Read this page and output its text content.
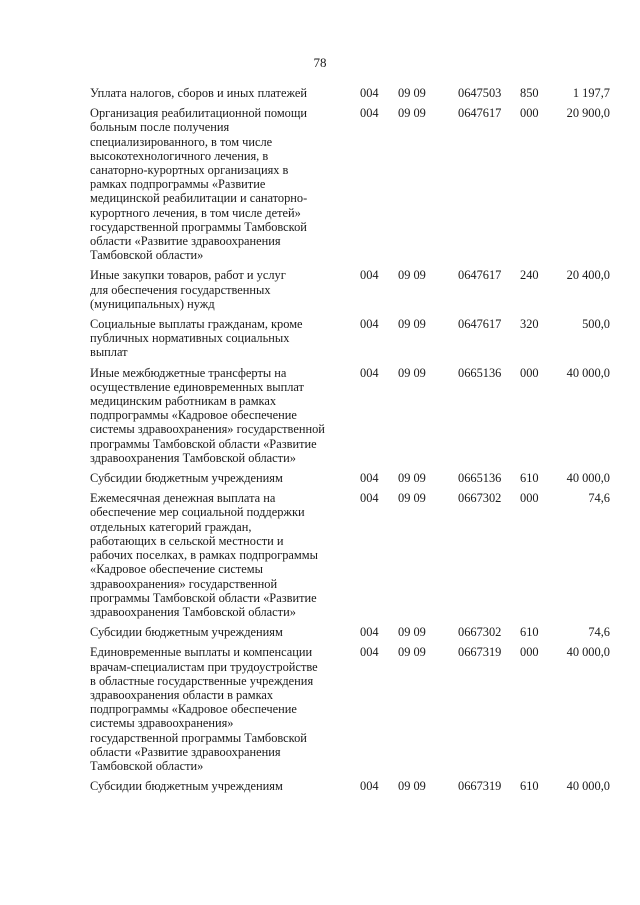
78
Уплата налогов, сборов и иных платежей	004	09 09	0647503	850	1 197,7
Организация реабилитационной помощи
больным после получения
специализированного, в том числе
высокотехнологичного лечения, в
санаторно-курортных организациях в
рамках подпрограммы «Развитие
медицинской реабилитации и санаторно-
курортного лечения, в том числе детей»
государственной программы Тамбовской
области «Развитие здравоохранения
Тамбовской области»
004	09 09	0647617	000	20 900,0
Иные закупки товаров, работ и услуг
для обеспечения государственных
(муниципальных) нужд
004	09 09	0647617	240	20 400,0
Социальные выплаты гражданам, кроме
публичных нормативных социальных
выплат
004	09 09	0647617	320	500,0
Иные межбюджетные трансферты на
осуществление единовременных выплат
медицинским работникам в рамках
подпрограммы «Кадровое обеспечение
системы здравоохранения» государственной
программы Тамбовской области «Развитие
здравоохранения Тамбовской области»
004	09 09	0665136	000	40 000,0
Субсидии бюджетным учреждениям	004	09 09	0665136	610	40 000,0
Ежемесячная денежная выплата на
обеспечение мер социальной поддержки
отдельных категорий граждан,
работающих в сельской местности и
рабочих поселках, в рамках подпрограммы
«Кадровое обеспечение системы
здравоохранения» государственной
программы Тамбовской области «Развитие
здравоохранения Тамбовской области»
004	09 09	0667302	000	74,6
Субсидии бюджетным учреждениям	004	09 09	0667302	610	74,6
Единовременные выплаты и компенсации
врачам-специалистам при трудоустройстве
в областные государственные учреждения
здравоохранения области в рамках
подпрограммы «Кадровое обеспечение
системы здравоохранения»
государственной программы Тамбовской
области «Развитие здравоохранения
Тамбовской области»
004	09 09	0667319	000	40 000,0
Субсидии бюджетным учреждениям	004	09 09	0667319	610	40 000,0
